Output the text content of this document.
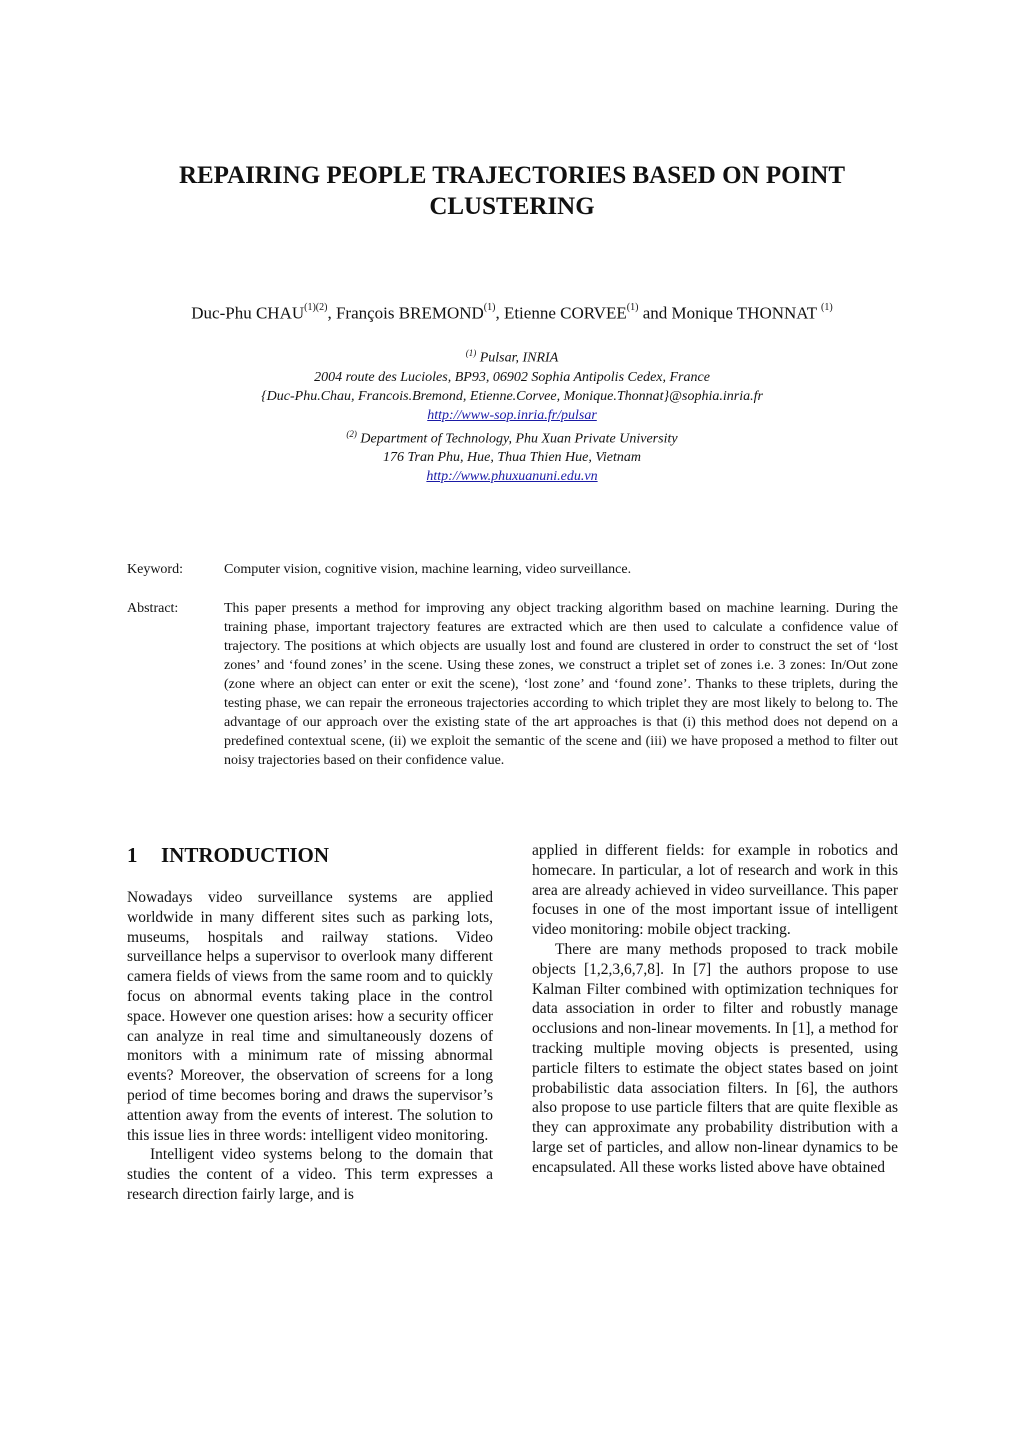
REPAIRING PEOPLE TRAJECTORIES BASED ON POINT CLUSTERING
Duc-Phu $CHAU^{(1)(2)}$, François BREMOND$^{(1)}$, Etienne CORVEE$^{(1)}$ and Monique THONNAT $^{(1)}$
$^{(1)}$ Pulsar, INRIA
2004 route des Lucioles, BP93, 06902 Sophia Antipolis Cedex, France
{Duc-Phu.Chau, Francois.Bremond, Etienne.Corvee, Monique.Thonnat}@sophia.inria.fr
http://www-sop.inria.fr/pulsar
$^{(2)}$ Department of Technology, Phu Xuan Private University
176 Tran Phu, Hue, Thua Thien Hue, Vietnam
http://www.phuxuanuni.edu.vn
Keyword:	Computer vision, cognitive vision, machine learning, video surveillance.
Abstract:	This paper presents a method for improving any object tracking algorithm based on machine learning. During the training phase, important trajectory features are extracted which are then used to calculate a confidence value of trajectory. The positions at which objects are usually lost and found are clustered in order to construct the set of ‘lost zones’ and ‘found zones’ in the scene. Using these zones, we construct a triplet set of zones i.e. 3 zones: In/Out zone (zone where an object can enter or exit the scene), ‘lost zone’ and ‘found zone’. Thanks to these triplets, during the testing phase, we can repair the erroneous trajectories according to which triplet they are most likely to belong to. The advantage of our approach over the existing state of the art approaches is that (i) this method does not depend on a predefined contextual scene, (ii) we exploit the semantic of the scene and (iii) we have proposed a method to filter out noisy trajectories based on their confidence value.
1 INTRODUCTION

Nowadays video surveillance systems are applied worldwide in many different sites such as parking lots, museums, hospitals and railway stations. Video surveillance helps a supervisor to overlook many different camera fields of views from the same room and to quickly focus on abnormal events taking place in the control space. However one question arises: how a security officer can analyze in real time and simultaneously dozens of monitors with a minimum rate of missing abnormal events? Moreover, the observation of screens for a long period of time becomes boring and draws the supervisor’s attention away from the events of interest. The solution to this issue lies in three words: intelligent video monitoring.

Intelligent video systems belong to the domain that studies the content of a video. This term expresses a research direction fairly large, and is

applied in different fields: for example in robotics and homecare. In particular, a lot of research and work in this area are already achieved in video surveillance. This paper focuses in one of the most important issue of intelligent video monitoring: mobile object tracking.

There are many methods proposed to track mobile objects [1,2,3,6,7,8]. In [7] the authors propose to use Kalman Filter combined with optimization techniques for data association in order to filter and robustly manage occlusions and non-linear movements. In [1], a method for tracking multiple moving objects is presented, using particle filters to estimate the object states based on joint probabilistic data association filters. In [6], the authors also propose to use particle filters that are quite flexible as they can approximate any probability distribution with a large set of particles, and allow non-linear dynamics to be encapsulated. All these works listed above have obtained
